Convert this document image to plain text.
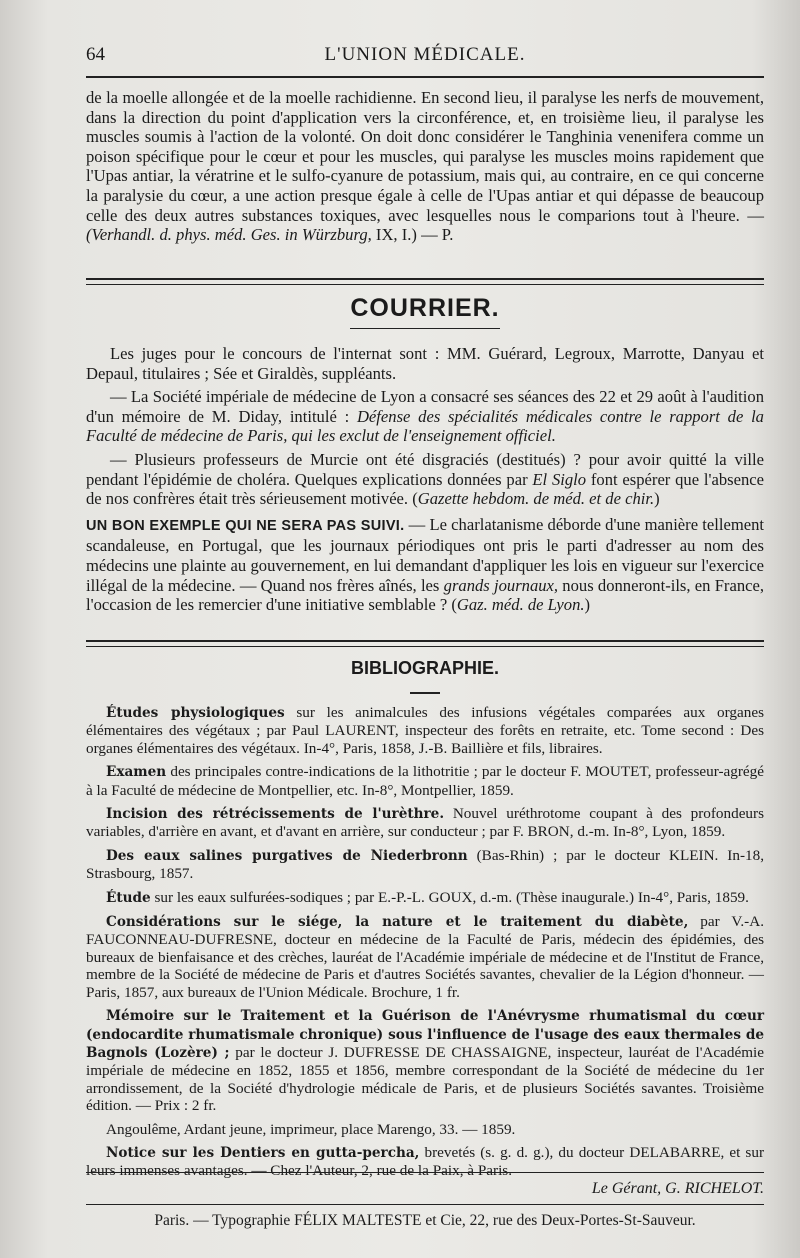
64	L'UNION MÉDICALE.

de la moelle allongée et de la moelle rachidienne. En second lieu, il paralyse les nerfs de mouvement, dans la direction du point d'application vers la circonférence, et, en troisième lieu, il paralyse les muscles soumis à l'action de la volonté. On doit donc considérer le Tanghinia venenifera comme un poison spécifique pour le cœur et pour les muscles, qui paralyse les muscles moins rapidement que l'Upas antiar, la vératrine et le sulfo-cyanure de potassium, mais qui, au contraire, en ce qui concerne la paralysie du cœur, a une action presque égale à celle de l'Upas antiar et qui dépasse de beaucoup celle des deux autres substances toxiques, avec lesquelles nous le comparions tout à l'heure. — (Verhandl. d. phys. méd. Ges. in Würzburg, IX, I.) — P.

COURRIER.

Les juges pour le concours de l'internat sont : MM. Guérard, Legroux, Marrotte, Danyau et Depaul, titulaires ; Sée et Giraldès, suppléants.

— La Société impériale de médecine de Lyon a consacré ses séances des 22 et 29 août à l'audition d'un mémoire de M. Diday, intitulé : Défense des spécialités médicales contre le rapport de la Faculté de médecine de Paris, qui les exclut de l'enseignement officiel.

— Plusieurs professeurs de Murcie ont été disgraciés (destitués) ? pour avoir quitté la ville pendant l'épidémie de choléra. Quelques explications données par El Siglo font espérer que l'absence de nos confrères était très sérieusement motivée. (Gazette hebdom. de méd. et de chir.)

UN BON EXEMPLE QUI NE SERA PAS SUIVI. — Le charlatanisme déborde d'une manière tellement scandaleuse, en Portugal, que les journaux périodiques ont pris le parti d'adresser au nom des médecins une plainte au gouvernement, en lui demandant d'appliquer les lois en vigueur sur l'exercice illégal de la médecine. — Quand nos frères aînés, les grands journaux, nous donneront-ils, en France, l'occasion de les remercier d'une initiative semblable ? (Gaz. méd. de Lyon.)

BIBLIOGRAPHIE.

Études physiologiques sur les animalcules des infusions végétales comparées aux organes élémentaires des végétaux ; par Paul LAURENT, inspecteur des forêts en retraite, etc. Tome second : Des organes élémentaires des végétaux. In-4°, Paris, 1858, J.-B. Baillière et fils, libraires.

Examen des principales contre-indications de la lithotritie ; par le docteur F. MOUTET, professeur-agrégé à la Faculté de médecine de Montpellier, etc. In-8°, Montpellier, 1859.

Incision des rétrécissements de l'urèthre. Nouvel uréthrotome coupant à des profondeurs variables, d'arrière en avant, et d'avant en arrière, sur conducteur ; par F. BRON, d.-m. In-8°, Lyon, 1859.

Des eaux salines purgatives de Niederbronn (Bas-Rhin) ; par le docteur KLEIN. In-18, Strasbourg, 1857.

Étude sur les eaux sulfurées-sodiques ; par E.-P.-L. GOUX, d.-m. (Thèse inaugurale.) In-4°, Paris, 1859.

Considérations sur le siége, la nature et le traitement du diabète, par V.-A. FAUCONNEAU-DUFRESNE, docteur en médecine de la Faculté de Paris, médecin des épidémies, des bureaux de bienfaisance et des crèches, lauréat de l'Académie impériale de médecine et de l'Institut de France, membre de la Société de médecine de Paris et d'autres Sociétés savantes, chevalier de la Légion d'honneur. — Paris, 1857, aux bureaux de l'Union Médicale. Brochure, 1 fr.

Mémoire sur le Traitement et la Guérison de l'Anévrysme rhumatismal du cœur (endocardite rhumatismale chronique) sous l'influence de l'usage des eaux thermales de Bagnols (Lozère) ; par le docteur J. DUFRESSE DE CHASSAIGNE, inspecteur, lauréat de l'Académie impériale de médecine en 1852, 1855 et 1856, membre correspondant de la Société de médecine du 1er arrondissement, de la Société d'hydrologie médicale de Paris, et de plusieurs Sociétés savantes. Troisième édition. — Prix : 2 fr.

Angoulême, Ardant jeune, imprimeur, place Marengo, 33. — 1859.

Notice sur les Dentiers en gutta-percha, brevetés (s. g. d. g.), du docteur DELABARRE, et sur leurs immenses avantages. — Chez l'Auteur, 2, rue de la Paix, à Paris.

Le Gérant, G. RICHELOT.
Paris. — Typographie FÉLIX MALTESTE et Cie, 22, rue des Deux-Portes-St-Sauveur.
